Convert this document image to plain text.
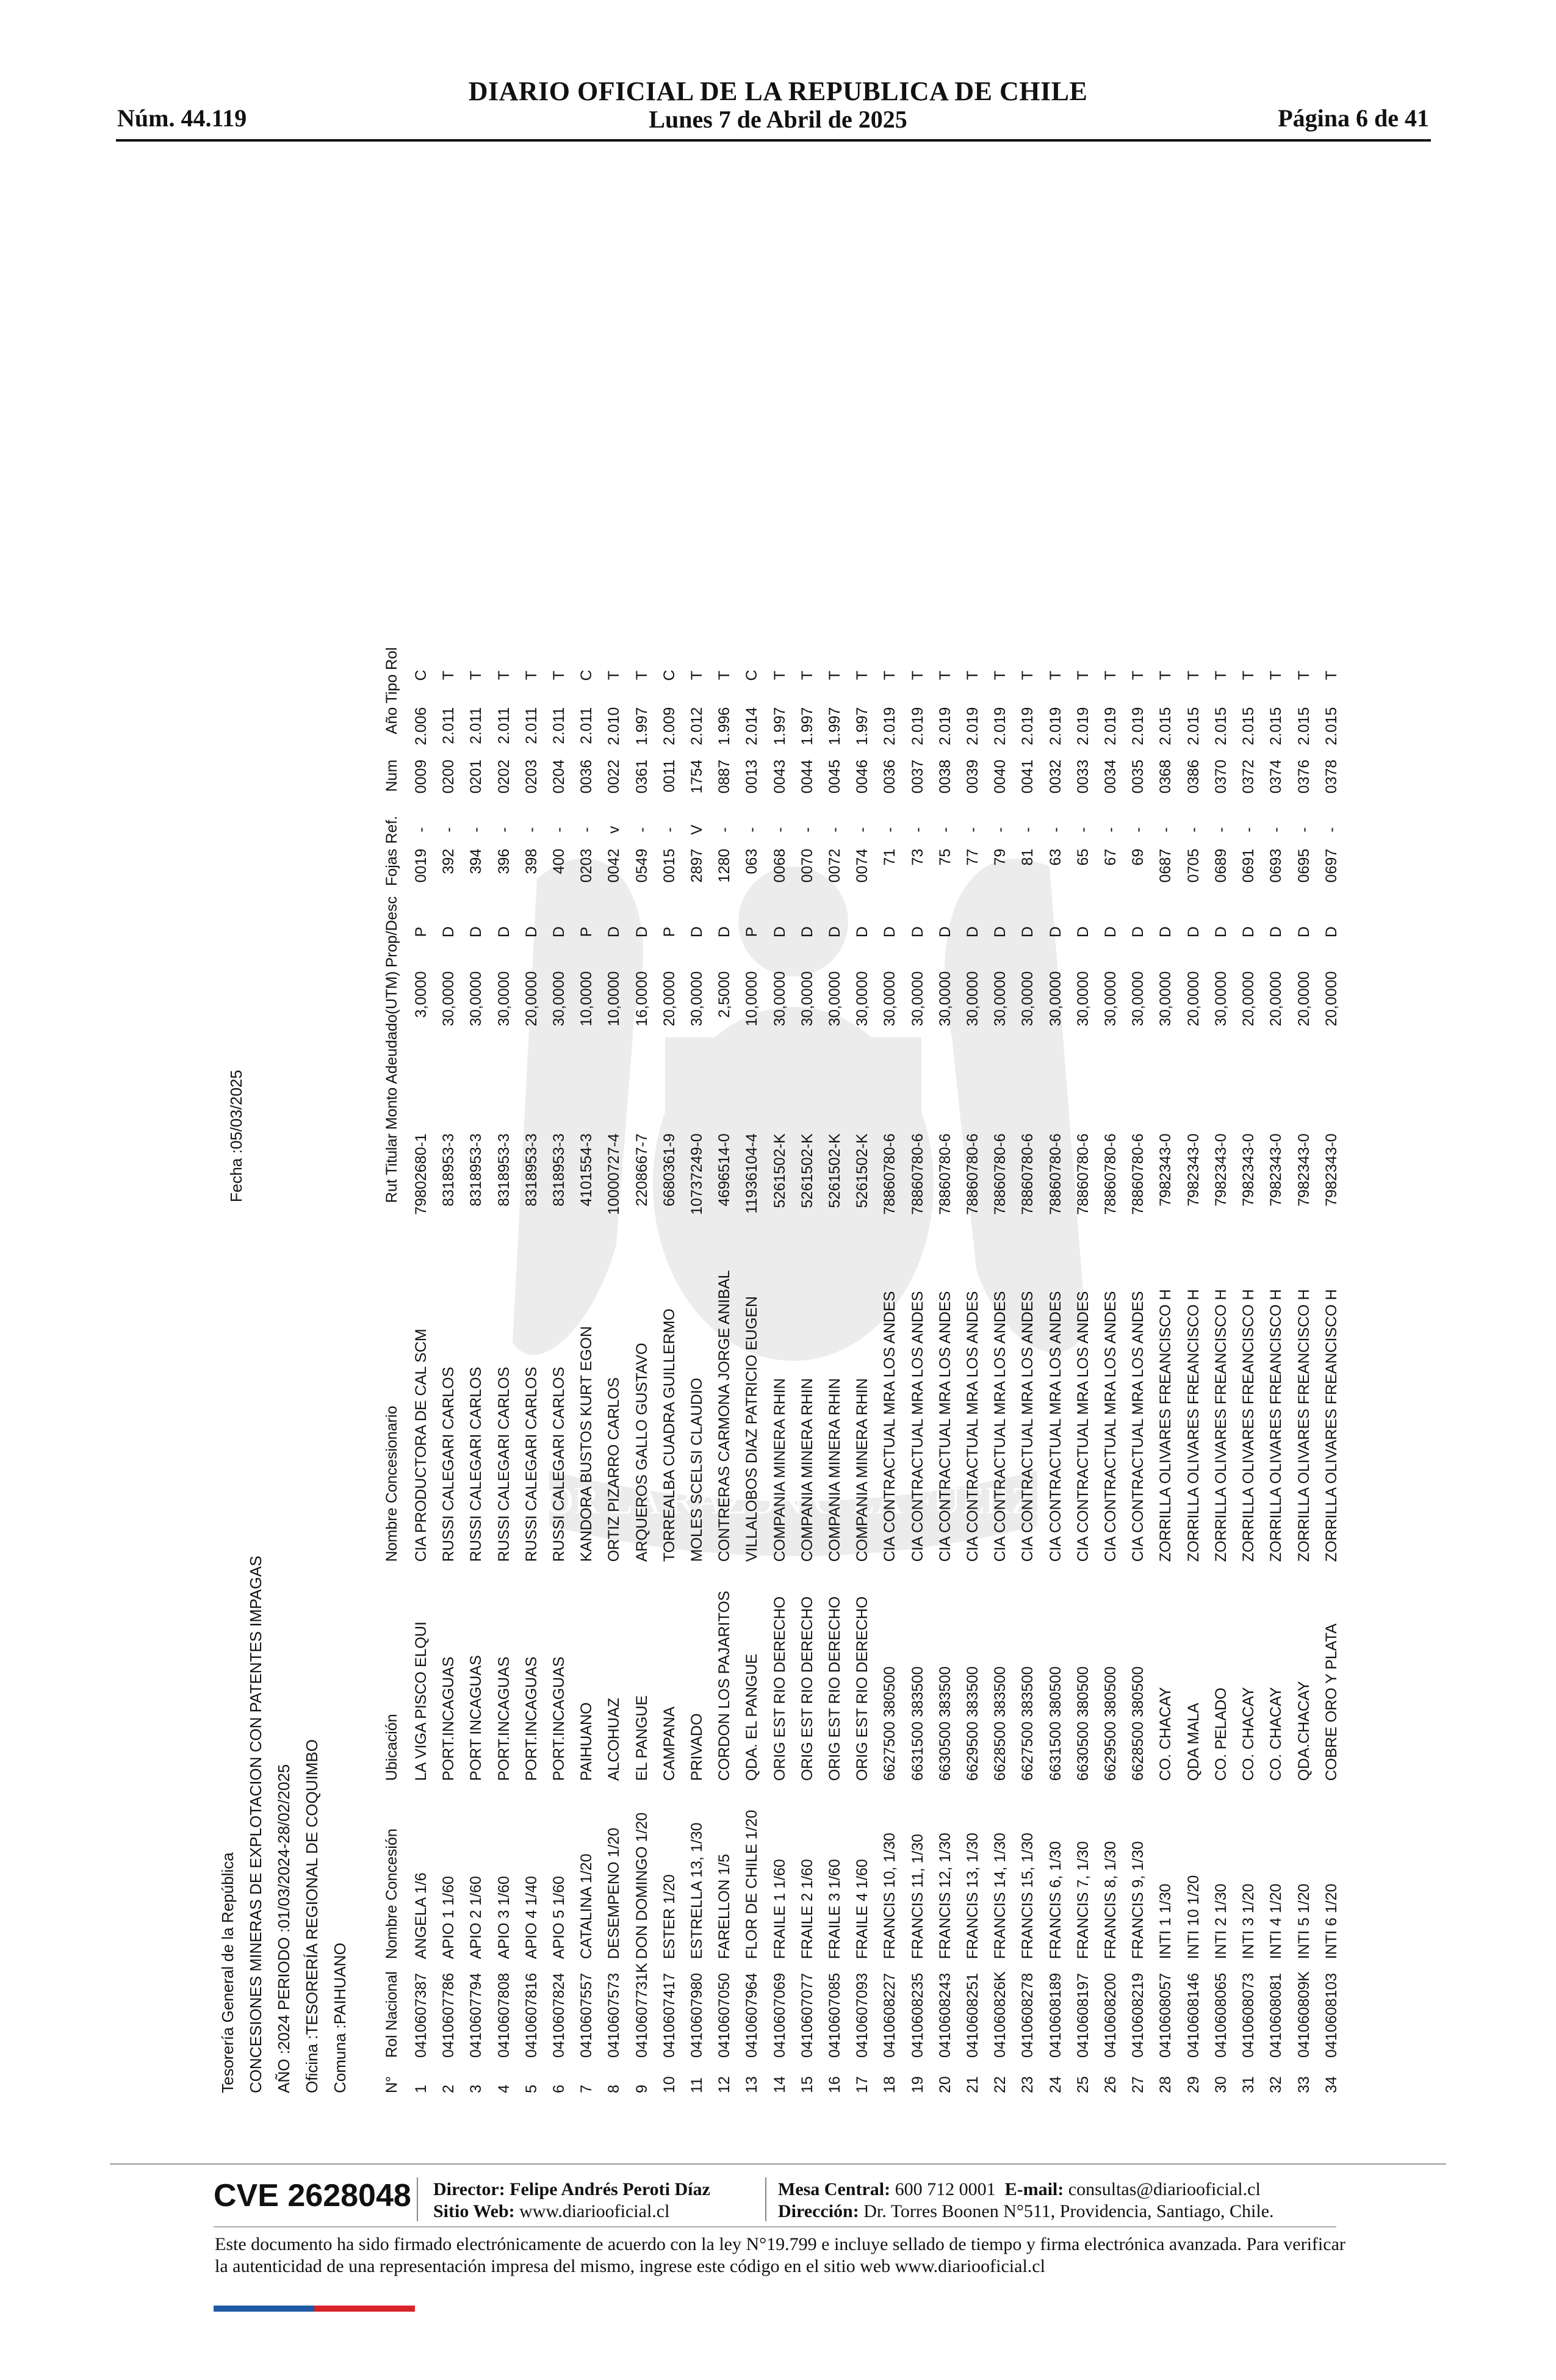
Núm. 44.119
DIARIO OFICIAL DE LA REPUBLICA DE CHILE
Lunes 7 de Abril de 2025	Página 6 de 41
POR LA RAZÓN O LA FUERZA
Tesorería General de la República CONCESIONES MINERAS DE EXPLOTACION CON PATENTES IMPAGAS AÑO :2024 PERIODO :01/03/2024-28/02/2025 Oficina :TESORERÍA REGIONAL DE COQUIMBO Comuna :PAIHUANO
Fecha :05/03/2025
N°	Rol Nacional	Nombre Concesión	Ubicación	Nombre Concesionario	Rut Titular	Monto Adeudado(UTM)	Prop/Desc	Fojas	Ref.	Num	Año	Tipo Rol
1	0410607387	ANGELA 1/6	LA VIGA PISCO ELQUI	CIA PRODUCTORA DE CAL SCM	79802680-1	3,0000	P	0019	-	0009	2.006	C
2	0410607786	APIO 1 1/60	PORT.INCAGUAS	RUSSI CALEGARI CARLOS	8318953-3	30,0000	D	392	-	0200	2.011	T
3	0410607794	APIO 2 1/60	PORT INCAGUAS	RUSSI CALEGARI CARLOS	8318953-3	30,0000	D	394	-	0201	2.011	T
4	0410607808	APIO 3 1/60	PORT.INCAGUAS	RUSSI CALEGARI CARLOS	8318953-3	30,0000	D	396	-	0202	2.011	T
5	0410607816	APIO 4 1/40	PORT.INCAGUAS	RUSSI CALEGARI CARLOS	8318953-3	20,0000	D	398	-	0203	2.011	T
6	0410607824	APIO 5 1/60	PORT.INCAGUAS	RUSSI CALEGARI CARLOS	8318953-3	30,0000	D	400	-	0204	2.011	T
7	0410607557	CATALINA 1/20	PAIHUANO	KANDORA BUSTOS KURT EGON	4101554-3	10,0000	P	0203	-	0036	2.011	C
8	0410607573	DESEMPENO 1/20	ALCOHUAZ	ORTIZ PIZARRO CARLOS	10000727-4	10,0000	D	0042	v	0022	2.010	T
9	0410607731K	DON DOMINGO 1/20	EL PANGUE	ARQUEROS GALLO GUSTAVO	2208667-7	16,0000	D	0549	-	0361	1.997	T
10	0410607417	ESTER 1/20	CAMPANA	TORREALBA CUADRA GUILLERMO	6680361-9	20,0000	P	0015	-	0011	2.009	C
11	0410607980	ESTRELLA 13, 1/30	PRIVADO	MOLES SCELSI CLAUDIO	10737249-0	30,0000	D	2897	V	1754	2.012	T
12	0410607050	FARELLON 1/5	CORDON LOS PAJARITOS	CONTRERAS CARMONA JORGE ANIBAL	4696514-0	2,5000	D	1280	-	0887	1.996	T
13	0410607964	FLOR DE CHILE 1/20	QDA. EL PANGUE	VILLALOBOS DIAZ PATRICIO EUGEN	11936104-4	10,0000	P	063	-	0013	2.014	C
14	0410607069	FRAILE 1 1/60	ORIG EST RIO DERECHO	COMPANIA MINERA RHIN	5261502-K	30,0000	D	0068	-	0043	1.997	T
15	0410607077	FRAILE 2 1/60	ORIG EST RIO DERECHO	COMPANIA MINERA RHIN	5261502-K	30,0000	D	0070	-	0044	1.997	T
16	0410607085	FRAILE 3 1/60	ORIG EST RIO DERECHO	COMPANIA MINERA RHIN	5261502-K	30,0000	D	0072	-	0045	1.997	T
17	0410607093	FRAILE 4 1/60	ORIG EST RIO DERECHO	COMPANIA MINERA RHIN	5261502-K	30,0000	D	0074	-	0046	1.997	T
18	0410608227	FRANCIS 10, 1/30	6627500 380500	CIA CONTRACTUAL MRA LOS ANDES	78860780-6	30,0000	D	71	-	0036	2.019	T
19	0410608235	FRANCIS 11, 1/30	6631500 383500	CIA CONTRACTUAL MRA LOS ANDES	78860780-6	30,0000	D	73	-	0037	2.019	T
20	0410608243	FRANCIS 12, 1/30	6630500 383500	CIA CONTRACTUAL MRA LOS ANDES	78860780-6	30,0000	D	75	-	0038	2.019	T
21	0410608251	FRANCIS 13, 1/30	6629500 383500	CIA CONTRACTUAL MRA LOS ANDES	78860780-6	30,0000	D	77	-	0039	2.019	T
22	041060826K	FRANCIS 14, 1/30	6628500 383500	CIA CONTRACTUAL MRA LOS ANDES	78860780-6	30,0000	D	79	-	0040	2.019	T
23	0410608278	FRANCIS 15, 1/30	6627500 383500	CIA CONTRACTUAL MRA LOS ANDES	78860780-6	30,0000	D	81	-	0041	2.019	T
24	0410608189	FRANCIS 6, 1/30	6631500 380500	CIA CONTRACTUAL MRA LOS ANDES	78860780-6	30,0000	D	63	-	0032	2.019	T
25	0410608197	FRANCIS 7, 1/30	6630500 380500	CIA CONTRACTUAL MRA LOS ANDES	78860780-6	30,0000	D	65	-	0033	2.019	T
26	0410608200	FRANCIS 8, 1/30	6629500 380500	CIA CONTRACTUAL MRA LOS ANDES	78860780-6	30,0000	D	67	-	0034	2.019	T
27	0410608219	FRANCIS 9, 1/30	6628500 380500	CIA CONTRACTUAL MRA LOS ANDES	78860780-6	30,0000	D	69	-	0035	2.019	T
28	0410608057	INTI 1 1/30	CO. CHACAY	ZORRILLA OLIVARES FREANCISCO H	7982343-0	30,0000	D	0687	-	0368	2.015	T
29	0410608146	INTI 10 1/20	QDA MALA	ZORRILLA OLIVARES FREANCISCO H	7982343-0	20,0000	D	0705	-	0386	2.015	T
30	0410608065	INTI 2 1/30	CO. PELADO	ZORRILLA OLIVARES FREANCISCO H	7982343-0	30,0000	D	0689	-	0370	2.015	T
31	0410608073	INTI 3 1/20	CO. CHACAY	ZORRILLA OLIVARES FREANCISCO H	7982343-0	20,0000	D	0691	-	0372	2.015	T
32	0410608081	INTI 4 1/20	CO. CHACAY	ZORRILLA OLIVARES FREANCISCO H	7982343-0	20,0000	D	0693	-	0374	2.015	T
33	041060809K	INTI 5 1/20	QDA.CHACAY	ZORRILLA OLIVARES FREANCISCO H	7982343-0	20,0000	D	0695	-	0376	2.015	T
34	0410608103	INTI 6 1/20	COBRE ORO Y PLATA	ZORRILLA OLIVARES FREANCISCO H	7982343-0	20,0000	D	0697	-	0378	2.015	T
CVE 2628048 Director: Felipe Andrés Peroti Díaz
Sitio Web: www.diariooficial.cl
Mesa Central: 600 712 0001 E-mail: consultas@diariooficial.cl
Dirección: Dr. Torres Boonen N°511, Providencia, Santiago, Chile.
Este documento ha sido firmado electrónicamente de acuerdo con la ley N°19.799 e incluye sellado de tiempo y firma electrónica avanzada. Para verificar la autenticidad de una representación impresa del mismo, ingrese este código en el sitio web www.diariooficial.cl
